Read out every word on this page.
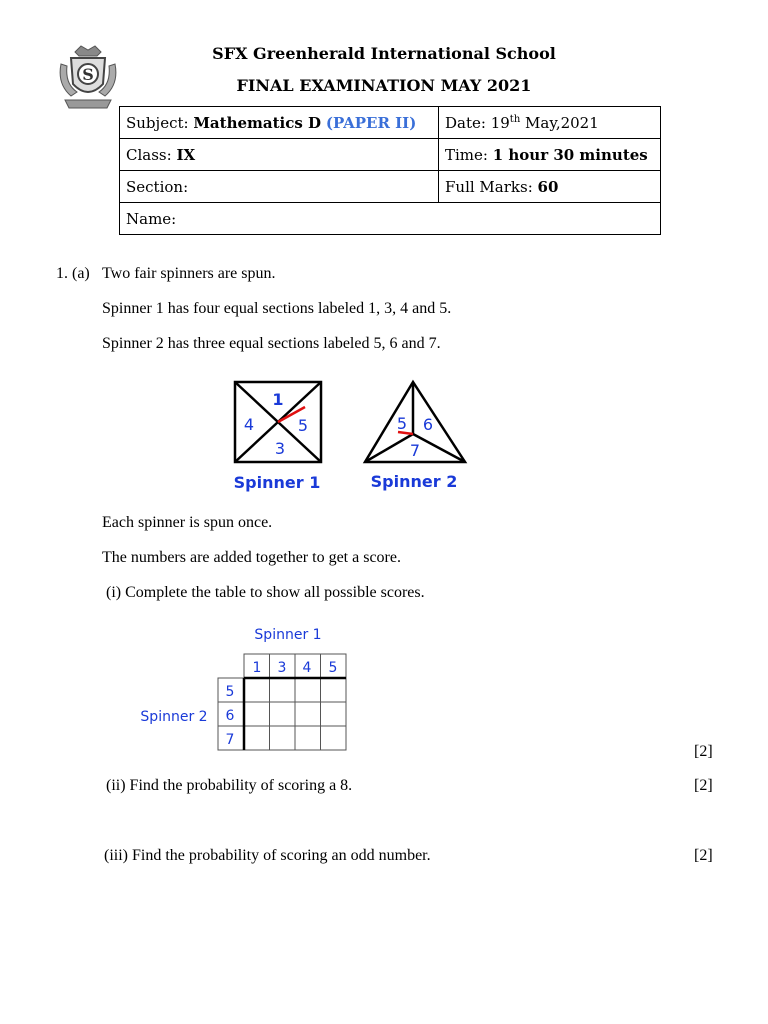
S
SFX Greenherald International School
FINAL EXAMINATION MAY 2021
Subject: Mathematics D (PAPER II)	Date: 19th May,2021
Class: IX	Time: 1 hour 30 minutes
Section:	Full Marks: 60
Name:	
1. (a) Two fair spinners are spun.
Spinner 1 has four equal sections labeled 1, 3, 4 and 5.
Spinner 2 has three equal sections labeled 5, 6 and 7.
1
4	5
3
Spinner 1
5 6
7
Spinner 2
Each spinner is spun once.
The numbers are added together to get a score.
(i) Complete the table to show all possible scores.
Spinner 1
Spinner 2
1 3 4 5
5
6
7
[2]
(ii) Find the probability of scoring a 8.	[2]
(iii) Find the probability of scoring an odd number.	[2]
